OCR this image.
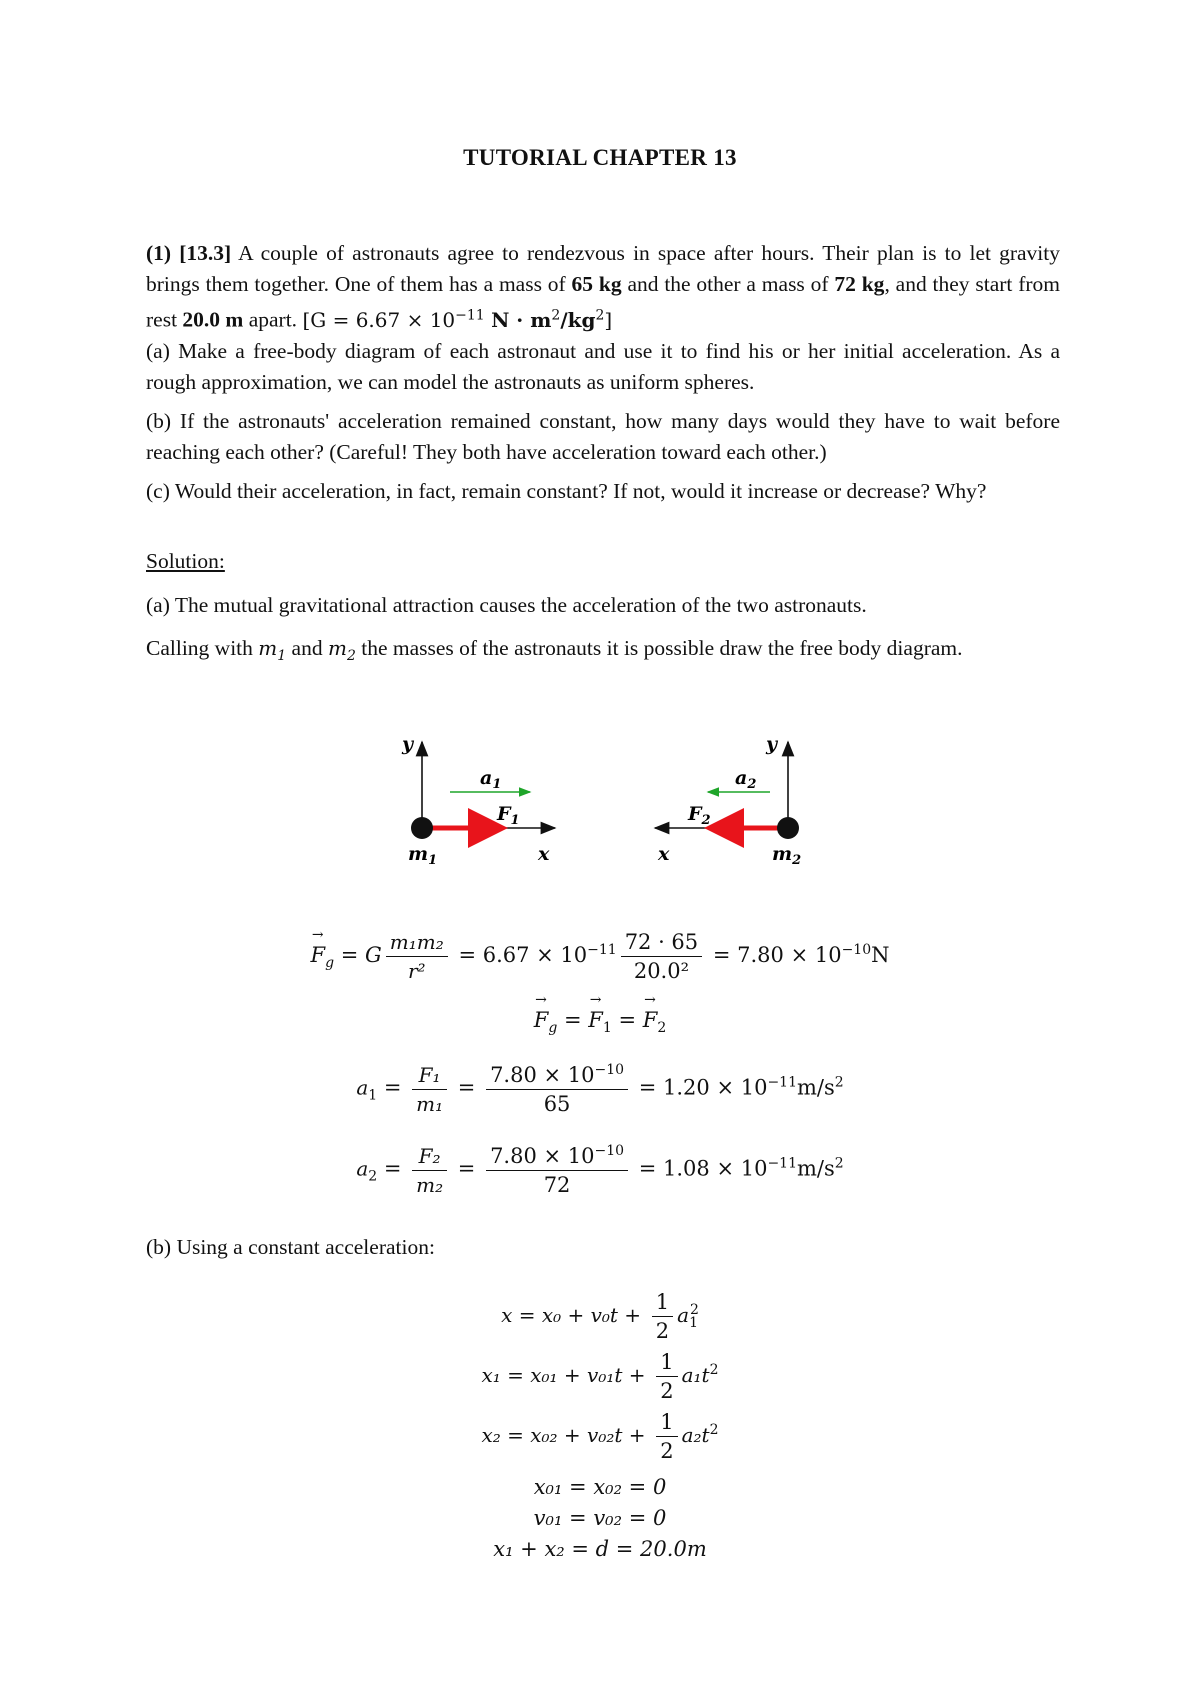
TUTORIAL CHAPTER 13
(1) [13.3] A couple of astronauts agree to rendezvous in space after hours. Their plan is to let gravity brings them together. One of them has a mass of 65 kg and the other a mass of 72 kg, and they start from rest 20.0 m apart. [$G = 6.67 \times 10^{-11}$ $N \cdot m^2/kg^2$]
(a) Make a free-body diagram of each astronaut and use it to find his or her initial acceleration. As a rough approximation, we can model the astronauts as uniform spheres.
(b) If the astronauts' acceleration remained constant, how many days would they have to wait before reaching each other? (Careful! They both have acceleration toward each other.)
(c) Would their acceleration, in fact, remain constant? If not, would it increase or decrease? Why?
Solution:
(a) The mutual gravitational attraction causes the acceleration of the two astronauts.
Calling with $m_1$ and $m_2$ the masses of the astronauts it is possible draw the free body diagram.
y
$a_1$
$F_1$
$m_1$	x
y
$a_2$
$F_2$
$m_2$
x
→ $F_g = G \frac{\text{m₁m₂}}{\text{r²}} = 6.67 \times 10^{-11} \frac{72 \cdot 65}{\text{20.0²}} = 7.80 \times 10^{-10}N$
→ $F_g$ = → $F_1$ = → $F_2$
$a_1 = \frac{\text{F₁}}{\text{m₁}} = \frac{7.80 \times 10^{-10}}{65} = 1.20 \times 10^{-11}m/s^2$
$a_2 = \frac{\text{F₂}}{\text{m₂}} = \frac{7.80 \times 10^{-10}}{72} = 1.08 \times 10^{-11}m/s^2$
(b) Using a constant acceleration:
$x = x_0 + v_0t + \frac{1}{2} a_1^2$
$x_1 = x_{01} + v_{01}t + \frac{1}{2} a_1t^2$
$x_2 = x_{02} + v_{02}t + \frac{1}{2} a_2t^2$
x₀₁ = x₀₂ = 0
v₀₁ = v₀₂ = 0
x₁ + x₂ = d = 20.0m
